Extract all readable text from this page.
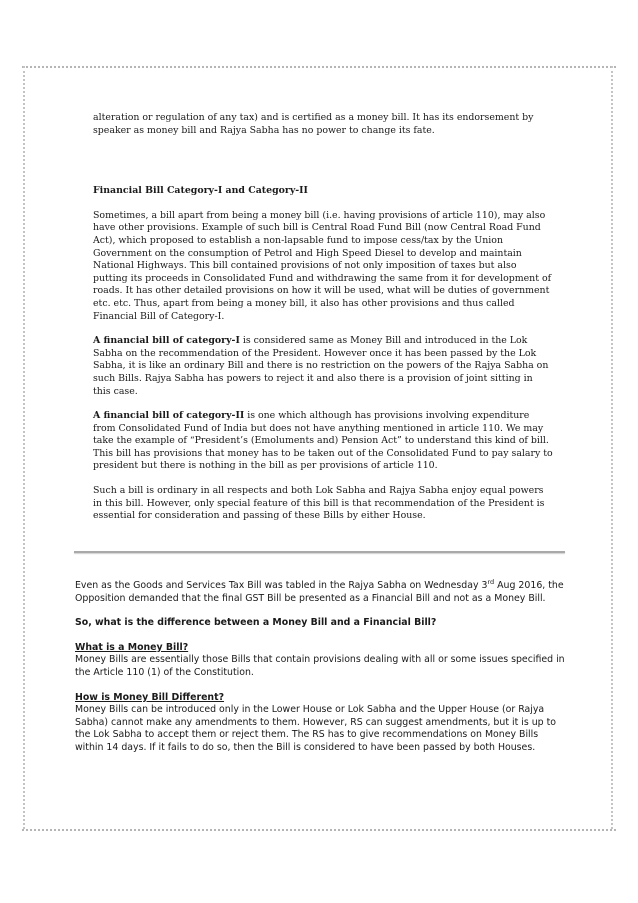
alteration or regulation of any tax) and is certified as a money bill. It has its endorsement by speaker as money bill and Rajya Sabha has no power to change its fate.

Financial Bill Category-I and Category-II

Sometimes, a bill apart from being a money bill (i.e. having provisions of article 110), may also have other provisions. Example of such bill is Central Road Fund Bill (now Central Road Fund Act), which proposed to establish a non-lapsable fund to impose cess/tax by the Union Government on the consumption of Petrol and High Speed Diesel to develop and maintain National Highways. This bill contained provisions of not only imposition of taxes but also putting its proceeds in Consolidated Fund and withdrawing the same from it for development of roads. It has other detailed provisions on how it will be used, what will be duties of government etc. etc. Thus, apart from being a money bill, it also has other provisions and thus called Financial Bill of Category-I.

A financial bill of category-I is considered same as Money Bill and introduced in the Lok Sabha on the recommendation of the President. However once it has been passed by the Lok Sabha, it is like an ordinary Bill and there is no restriction on the powers of the Rajya Sabha on such Bills. Rajya Sabha has powers to reject it and also there is a provision of joint sitting in this case.

A financial bill of category-II is one which although has provisions involving expenditure from Consolidated Fund of India but does not have anything mentioned in article 110. We may take the example of “President’s (Emoluments and) Pension Act” to understand this kind of bill. This bill has provisions that money has to be taken out of the Consolidated Fund to pay salary to president but there is nothing in the bill as per provisions of article 110.

Such a bill is ordinary in all respects and both Lok Sabha and Rajya Sabha enjoy equal powers in this bill. However, only special feature of this bill is that recommendation of the President is essential for consideration and passing of these Bills by either House.

Even as the Goods and Services Tax Bill was tabled in the Rajya Sabha on Wednesday 3rd Aug 2016, the Opposition demanded that the final GST Bill be presented as a Financial Bill and not as a Money Bill.

So, what is the difference between a Money Bill and a Financial Bill?

What is a Money Bill?
Money Bills are essentially those Bills that contain provisions dealing with all or some issues specified in the Article 110 (1) of the Constitution.

How is Money Bill Different?
Money Bills can be introduced only in the Lower House or Lok Sabha and the Upper House (or Rajya Sabha) cannot make any amendments to them. However, RS can suggest amendments, but it is up to the Lok Sabha to accept them or reject them. The RS has to give recommendations on Money Bills within 14 days. If it fails to do so, then the Bill is considered to have been passed by both Houses.
